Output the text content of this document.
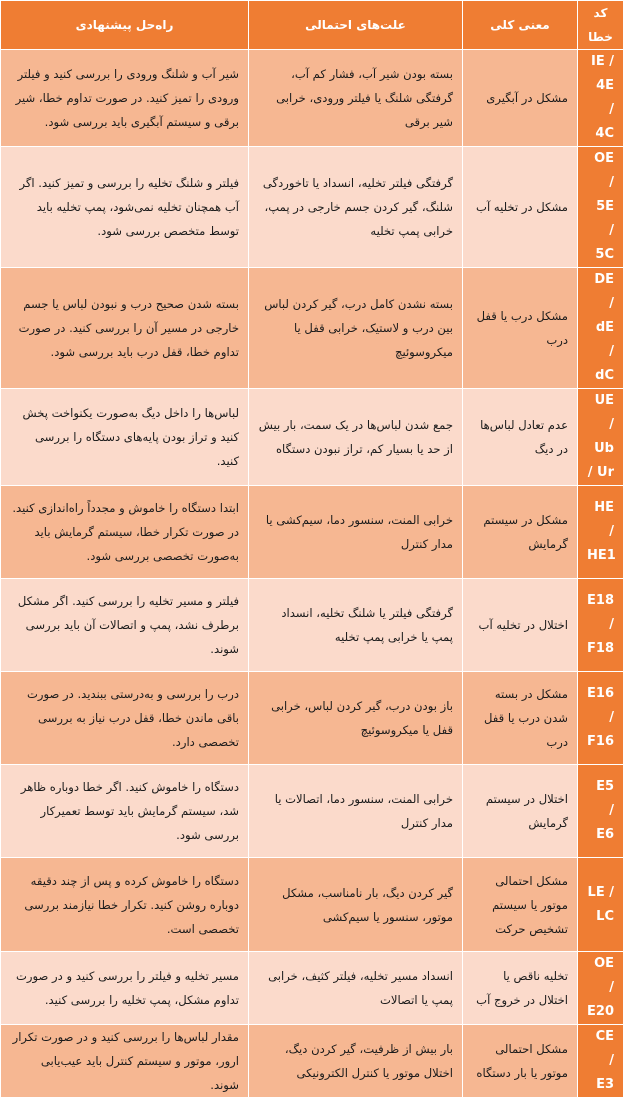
کد خطا	معنی کلی	علت‌های احتمالی	راه‌حل پیشنهادی
IE / 4E / 4C	مشکل در آبگیری	بسته بودن شیر آب، فشار کم آب، گرفتگی شلنگ یا فیلتر ورودی، خرابی شیر برقی	شیر آب و شلنگ ورودی را بررسی کنید و فیلتر ورودی را تمیز کنید. در صورت تداوم خطا، شیر برقی و سیستم آبگیری باید بررسی شود.
OE / 5E / 5C	مشکل در تخلیه آب	گرفتگی فیلتر تخلیه، انسداد یا تاخوردگی شلنگ، گیر کردن جسم خارجی در پمپ، خرابی پمپ تخلیه	فیلتر و شلنگ تخلیه را بررسی و تمیز کنید. اگر آب همچنان تخلیه نمی‌شود، پمپ تخلیه باید توسط متخصص بررسی شود.
DE / dE / dC	مشکل درب یا قفل درب	بسته نشدن کامل درب، گیر کردن لباس بین درب و لاستیک، خرابی قفل یا میکروسوئیچ	بسته شدن صحیح درب و نبودن لباس یا جسم خارجی در مسیر آن را بررسی کنید. در صورت تداوم خطا، قفل درب باید بررسی شود.
UE / Ub / Ur	عدم تعادل لباس‌ها در دیگ	جمع شدن لباس‌ها در یک سمت، بار بیش از حد یا بسیار کم، تراز نبودن دستگاه	لباس‌ها را داخل دیگ به‌صورت یکنواخت پخش کنید و تراز بودن پایه‌های دستگاه را بررسی کنید.
HE / HE1	مشکل در سیستم گرمایش	خرابی المنت، سنسور دما، سیم‌کشی یا مدار کنترل	ابتدا دستگاه را خاموش و مجدداً راه‌اندازی کنید. در صورت تکرار خطا، سیستم گرمایش باید به‌صورت تخصصی بررسی شود.
E18 / F18	اختلال در تخلیه آب	گرفتگی فیلتر یا شلنگ تخلیه، انسداد پمپ یا خرابی پمپ تخلیه	فیلتر و مسیر تخلیه را بررسی کنید. اگر مشکل برطرف نشد، پمپ و اتصالات آن باید بررسی شوند.
E16 / F16	مشکل در بسته شدن درب یا قفل درب	باز بودن درب، گیر کردن لباس، خرابی قفل یا میکروسوئیچ	درب را بررسی و به‌درستی ببندید. در صورت باقی ماندن خطا، قفل درب نیاز به بررسی تخصصی دارد.
E5 / E6	اختلال در سیستم گرمایش	خرابی المنت، سنسور دما، اتصالات یا مدار کنترل	دستگاه را خاموش کنید. اگر خطا دوباره ظاهر شد، سیستم گرمایش باید توسط تعمیرکار بررسی شود.
LE / LC	مشکل احتمالی موتور یا سیستم تشخیص حرکت	گیر کردن دیگ، بار نامناسب، مشکل موتور، سنسور یا سیم‌کشی	دستگاه را خاموش کرده و پس از چند دقیقه دوباره روشن کنید. تکرار خطا نیازمند بررسی تخصصی است.
OE / E20	تخلیه ناقص یا اختلال در خروج آب	انسداد مسیر تخلیه، فیلتر کثیف، خرابی پمپ یا اتصالات	مسیر تخلیه و فیلتر را بررسی کنید و در صورت تداوم مشکل، پمپ تخلیه را بررسی کنید.
CE / E3	مشکل احتمالی موتور یا بار دستگاه	بار بیش از ظرفیت، گیر کردن دیگ، اختلال موتور یا کنترل الکترونیکی	مقدار لباس‌ها را بررسی کنید و در صورت تکرار ارور، موتور و سیستم کنترل باید عیب‌یابی شوند.
